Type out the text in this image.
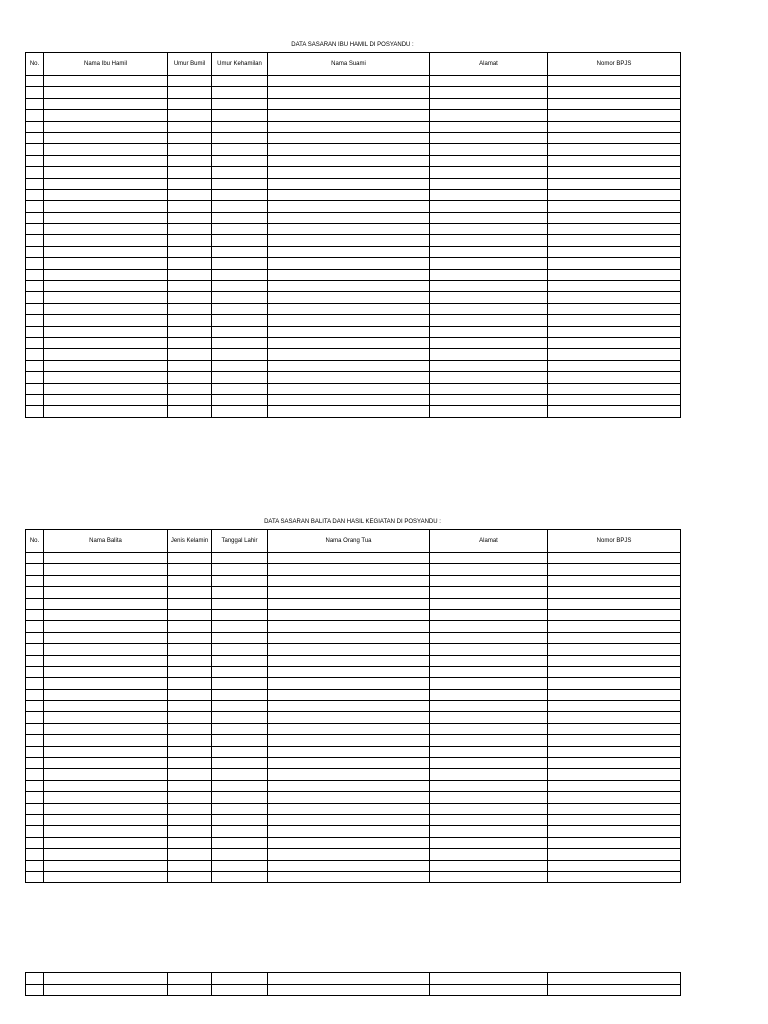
DATA SASARAN IBU HAMIL DI POSYANDU :
No.	Nama Ibu Hamil	Umur Bumil	Umur Kehamilan	Nama Suami	Alamat	Nomor BPJS

DATA SASARAN BALITA DAN HASIL KEGIATAN DI POSYANDU :
No.	Nama Balita	Jenis Kelamin	Tanggal Lahir	Nama Orang Tua	Alamat	Nomor BPJS
